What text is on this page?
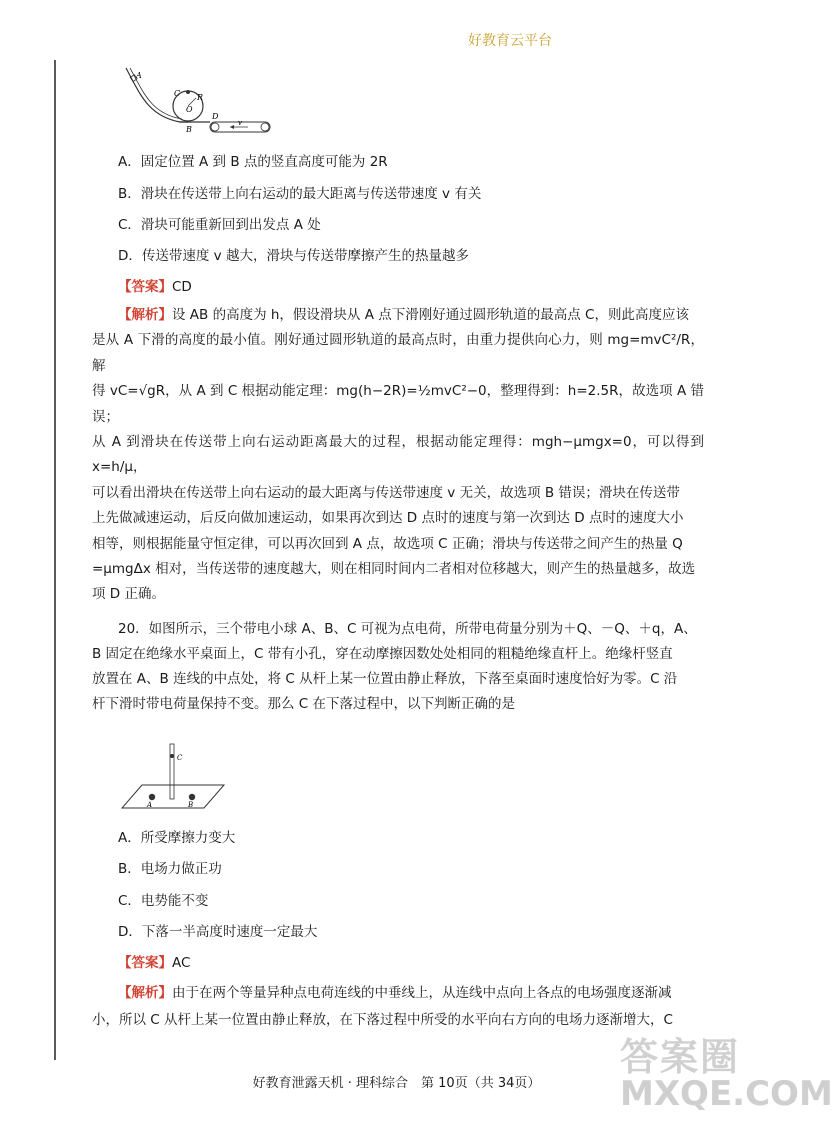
好教育云平台
A
C
O
R
B
D
v
A．固定位置 A 到 B 点的竖直高度可能为 2R
B．滑块在传送带上向右运动的最大距离与传送带速度 v 有关
C．滑块可能重新回到出发点 A 处
D．传送带速度 v 越大，滑块与传送带摩擦产生的热量越多
【答案】CD
【解析】设 AB 的高度为 h，假设滑块从 A 点下滑刚好通过圆形轨道的最高点 C，则此高度应该
是从 A 下滑的高度的最小值。刚好通过圆形轨道的最高点时，由重力提供向心力，则 mg=mvC²/R，解
得 vC=√gR，从 A 到 C 根据动能定理：mg(h−2R)=½mvC²−0，整理得到：h=2.5R，故选项 A 错误；
从 A 到滑块在传送带上向右运动距离最大的过程，根据动能定理得：mgh−μmgx=0，可以得到 x=h/μ，
可以看出滑块在传送带上向右运动的最大距离与传送带速度 v 无关，故选项 B 错误；滑块在传送带
上先做减速运动，后反向做加速运动，如果再次到达 D 点时的速度与第一次到达 D 点时的速度大小
相等，则根据能量守恒定律，可以再次回到 A 点，故选项 C 正确；滑块与传送带之间产生的热量 Q
=μmgΔx 相对，当传送带的速度越大，则在相同时间内二者相对位移越大，则产生的热量越多，故选
项 D 正确。
20．如图所示，三个带电小球 A、B、C 可视为点电荷，所带电荷量分别为＋Q、－Q、＋q，A、
B 固定在绝缘水平桌面上，C 带有小孔，穿在动摩擦因数处处相同的粗糙绝缘直杆上。绝缘杆竖直
放置在 A、B 连线的中点处，将 C 从杆上某一位置由静止释放，下落至桌面时速度恰好为零。C 沿
杆下滑时带电荷量保持不变。那么 C 在下落过程中，以下判断正确的是
C
A	B
A．所受摩擦力变大
B．电场力做正功
C．电势能不变
D．下落一半高度时速度一定最大
【答案】AC
【解析】由于在两个等量异种点电荷连线的中垂线上，从连线中点向上各点的电场强度逐渐减
小，所以 C 从杆上某一位置由静止释放，在下落过程中所受的水平向右方向的电场力逐渐增大，C
好教育泄露天机 · 理科综合　第 10页（共 34页）
答案圈
MXQE.COM
